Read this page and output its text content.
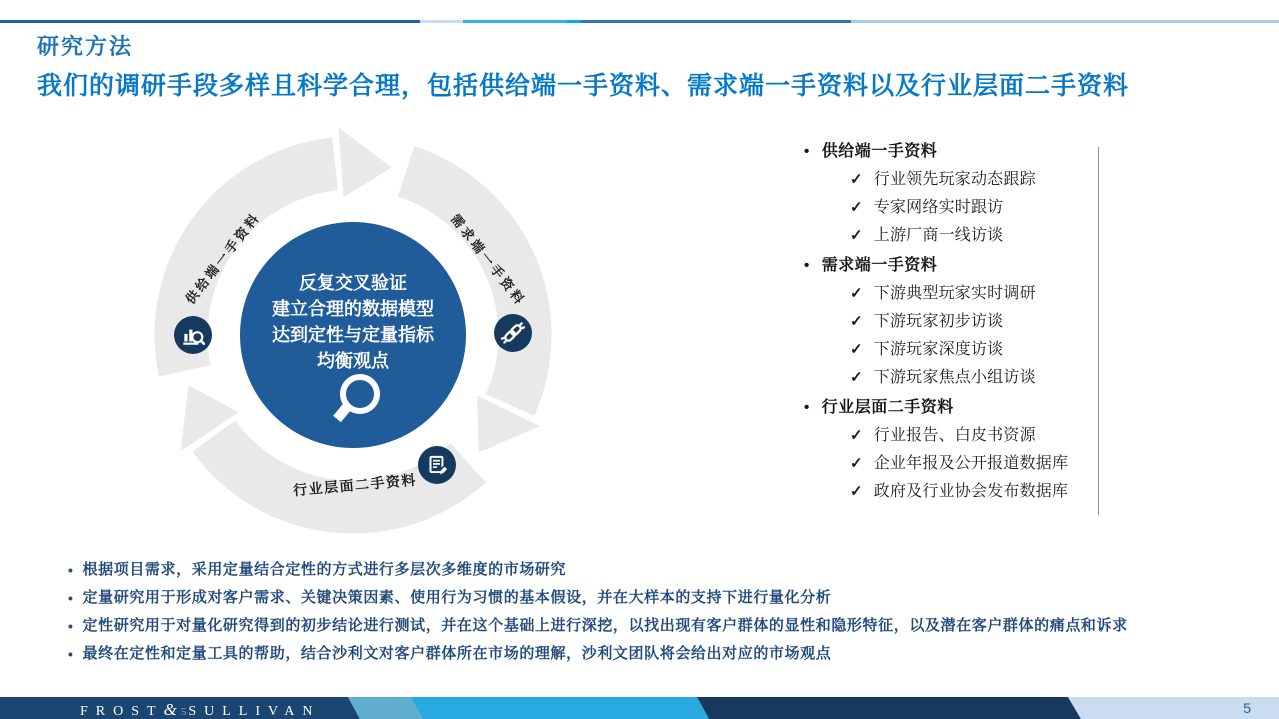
研究方法
我们的调研手段多样且科学合理，包括供给端一手资料、需求端一手资料以及行业层面二手资料
反复交叉验证
建立合理的数据模型
达到定性与定量指标
均衡观点
供给端一手资料	需求端一手资料
行业层面二手资料
• 供给端一手资料
✓ 行业领先玩家动态跟踪
✓ 专家网络实时跟访
✓ 上游厂商一线访谈
• 需求端一手资料
✓ 下游典型玩家实时调研
✓ 下游玩家初步访谈
✓ 下游玩家深度访谈
✓ 下游玩家焦点小组访谈
• 行业层面二手资料
✓ 行业报告、白皮书资源
✓ 企业年报及公开报道数据库
✓ 政府及行业协会发布数据库
• 根据项目需求，采用定量结合定性的方式进行多层次多维度的市场研究
• 定量研究用于形成对客户需求、关键决策因素、使用行为习惯的基本假设，并在大样本的支持下进行量化分析
• 定性研究用于对量化研究得到的初步结论进行测试，并在这个基础上进行深挖，以找出现有客户群体的显性和隐形特征，以及潜在客户群体的痛点和诉求
• 最终在定性和定量工具的帮助，结合沙利文对客户群体所在市场的理解，沙利文团队将会给出对应的市场观点
FROST & 5 SULLIVAN	5
